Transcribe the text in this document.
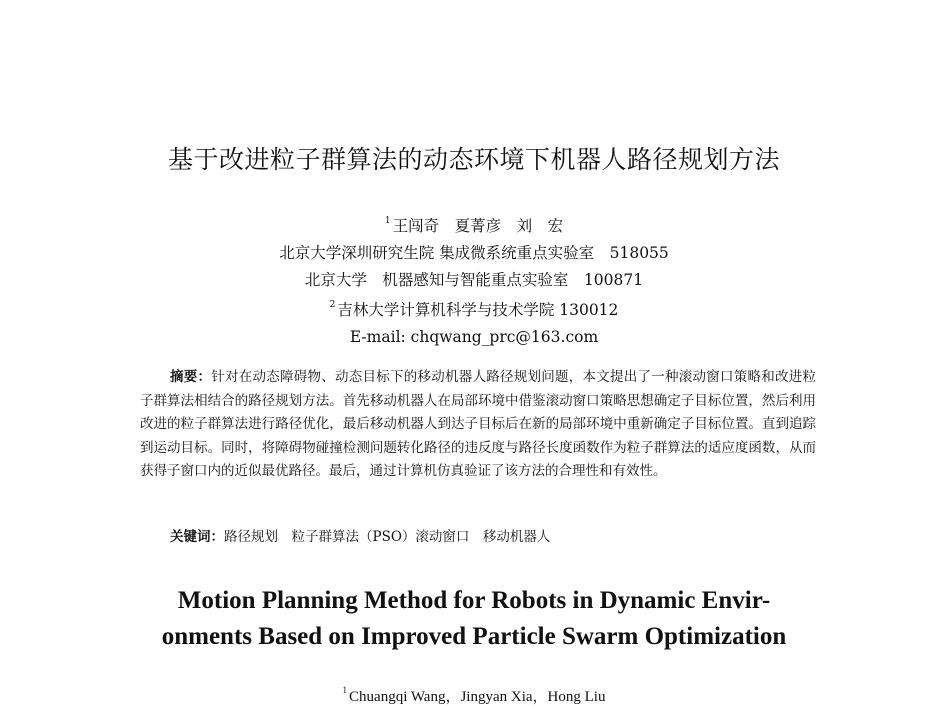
基于改进粒子群算法的动态环境下机器人路径规划方法
$^1$ 王闯奇　夏菁彦　刘　宏
北京大学深圳研究生院 集成微系统重点实验室　518055
北京大学　机器感知与智能重点实验室　100871
$^2$ 吉林大学计算机科学与技术学院 130012
E-mail: chqwang_prc@163.com
摘要：针对在动态障碍物、动态目标下的移动机器人路径规划问题，本文提出了一种滚动窗口策略和改进粒子群算法相结合的路径规划方法。首先移动机器人在局部环境中借鉴滚动窗口策略思想确定子目标位置，然后利用改进的粒子群算法进行路径优化，最后移动机器人到达子目标后在新的局部环境中重新确定子目标位置。直到追踪到运动目标。同时，将障碍物碰撞检测问题转化路径的违反度与路径长度函数作为粒子群算法的适应度函数，从而获得子窗口内的近似最优路径。最后，通过计算机仿真验证了该方法的合理性和有效性。
关键词：路径规划　粒子群算法（PSO）滚动窗口　移动机器人
Motion Planning Method for Robots in Dynamic Envir-
onments Based on Improved Particle Swarm Optimization
$^1$ Chuangqi Wang，Jingyan Xia，Hong Liu
